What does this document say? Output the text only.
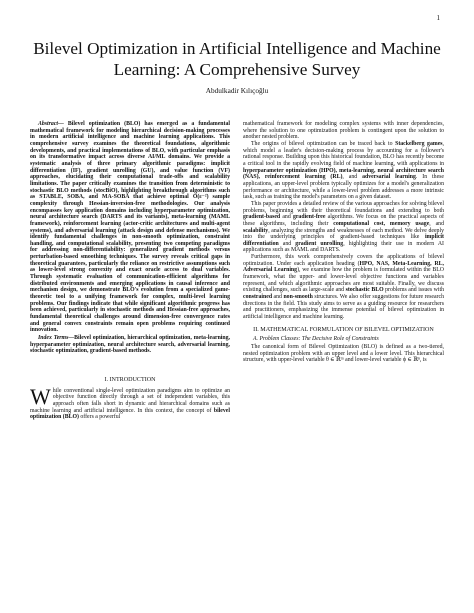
1
Bilevel Optimization in Artificial Intelligence and Machine Learning: A Comprehensive Survey
Abdulkadir Kılıçoğlu

Abstract— Bilevel optimization (BLO) has emerged as a fundamental mathematical framework for modeling hierarchical decision-making processes in modern artificial intelligence and machine learning applications. This comprehensive survey examines the theoretical foundations, algorithmic developments, and practical implementations of BLO, with particular emphasis on its transformative impact across diverse AI/ML domains. We provide a systematic analysis of three primary algorithmic paradigms: implicit differentiation (IF), gradient unrolling (GU), and value function (VF) approaches, elucidating their computational trade-offs and scalability limitations. The paper critically examines the transition from deterministic to stochastic BLO methods (stocBiO), highlighting breakthrough algorithms such as STABLE, SOBA, and MA-SOBA that achieve optimal O(ε⁻²) sample complexity through Hessian-inversion-free methodologies. Our analysis encompasses key application domains including hyperparameter optimization, neural architecture search (DARTS and its variants), meta-learning (MAML framework), reinforcement learning (actor-critic architectures and multi-agent systems), and adversarial learning (attack design and defense mechanisms). We identify fundamental challenges in non-smooth optimization, constraint handling, and computational scalability, presenting two competing paradigms for addressing non-differentiability: generalized gradient methods versus perturbation-based smoothing techniques. The survey reveals critical gaps in theoretical guarantees, particularly the reliance on restrictive assumptions such as lower-level strong convexity and exact oracle access to dual variables. Through systematic evaluation of communication-efficient algorithms for distributed environments and emerging applications in causal inference and mechanism design, we demonstrate BLO's evolution from a specialized game-theoretic tool to a unifying framework for complex, multi-level learning problems. Our findings indicate that while significant algorithmic progress has been achieved, particularly in stochastic methods and Hessian-free approaches, fundamental theoretical challenges around dimension-free convergence rates and general convex constraints remain open problems requiring continued innovation.

Index Terms—Bilevel optimization, hierarchical optimization, meta-learning, hyperparameter optimization, neural architecture search, adversarial learning, stochastic optimization, gradient-based methods.

I. INTRODUCTION
While conventional single-level optimization paradigms aim to optimize an objective function directly through a set of independent variables, this approach often falls short in dynamic and hierarchical domains such as machine learning and artificial intelligence. In this context, the concept of bilevel optimization (BLO) offers a powerful

mathematical framework for modeling complex systems with inner dependencies, where the solution to one optimization problem is contingent upon the solution to another nested problem.

The origins of bilevel optimization can be traced back to Stackelberg games, which model a leader's decision-making process by accounting for a follower's rational response. Building upon this historical foundation, BLO has recently become a critical tool in the rapidly evolving field of machine learning, with applications in hyperparameter optimization (HPO), meta-learning, neural architecture search (NAS), reinforcement learning (RL), and adversarial learning. In these applications, an upper-level problem typically optimizes for a model's generalization performance or architecture, while a lower-level problem addresses a more intrinsic task, such as training the model's parameters on a given dataset.

This paper provides a detailed review of the various approaches for solving bilevel problems, beginning with their theoretical foundations and extending to both gradient-based and gradient-free algorithms. We focus on the practical aspects of these algorithms, including their computational cost, memory usage, and scalability, analyzing the strengths and weaknesses of each method. We delve deeply into the underlying principles of gradient-based techniques like implicit differentiation and gradient unrolling, highlighting their use in modern AI applications such as MAML and DARTS.

Furthermore, this work comprehensively covers the applications of bilevel optimization. Under each application heading (HPO, NAS, Meta-Learning, RL, Adversarial Learning), we examine how the problem is formulated within the BLO framework, what the upper- and lower-level objective functions and variables represent, and which algorithmic approaches are most suitable. Finally, we discuss existing challenges, such as large-scale and stochastic BLO problems and issues with constrained and non-smooth structures. We also offer suggestions for future research directions in the field. This study aims to serve as a guiding resource for researchers and practitioners, emphasizing the immense potential of bilevel optimization in artificial intelligence and machine learning.

II. MATHEMATICAL FORMULATION OF BILEVEL OPTIMIZATION
A. Problem Classes: The Decisive Role of Constraints

The canonical form of Bilevel Optimization (BLO) is defined as a two-tiered, nested optimization problem with an upper level and a lower level. This hierarchical structure, with upper-level variable θ ∈ ℝᵐ and lower-level variable ϕ ∈ ℝⁿ, is
